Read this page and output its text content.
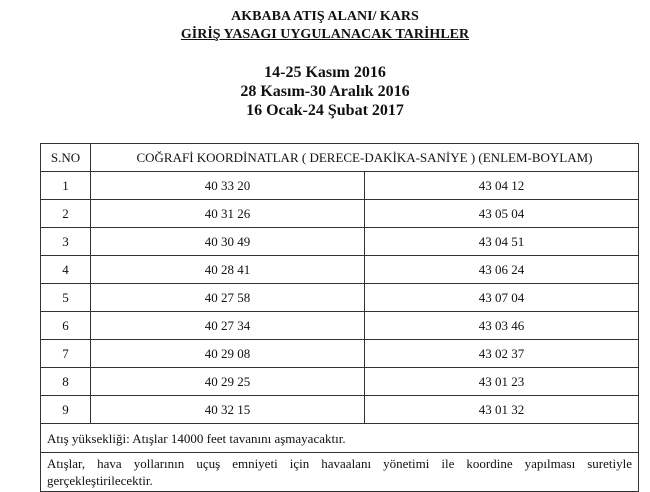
AKBABA ATIŞ ALANI/ KARS
GİRİŞ YASAGI UYGULANACAK TARİHLER
14-25 Kasım 2016
28 Kasım-30 Aralık 2016
16 Ocak-24 Şubat 2017
S.NO	COĞRAFİ KOORDİNATLAR ( DERECE-DAKİKA-SANİYE ) (ENLEM-BOYLAM)	
1	40 33 20	43 04 12
2	40 31 26	43 05 04
3	40 30 49	43 04 51
4	40 28 41	43 06 24
5	40 27 58	43 07 04
6	40 27 34	43 03 46
7	40 29 08	43 02 37
8	40 29 25	43 01 23
9	40 32 15	43 01 32
Atış yüksekliği: Atışlar 14000 feet tavanını aşmayacaktır.		
Atışlar, hava yollarının uçuş emniyeti için havaalanı yönetimi ile koordine yapılması suretiyle gerçekleştirilecektir.		
